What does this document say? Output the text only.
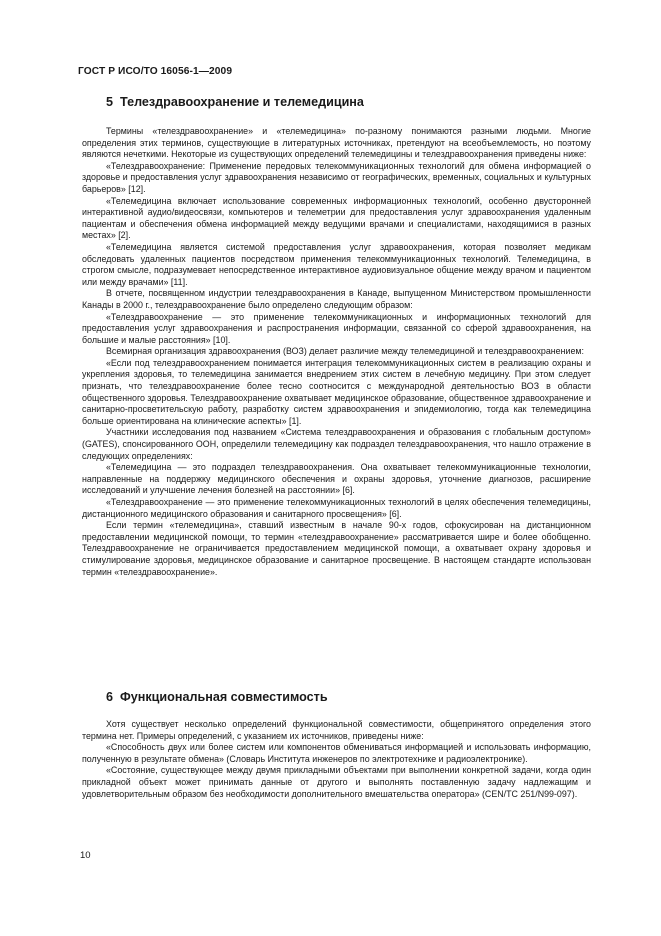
ГОСТ Р ИСО/ТО 16056-1—2009
5 Телездравоохранение и телемедицина

Термины «телездравоохранение» и «телемедицина» по-разному понимаются разными людьми. Многие определения этих терминов, существующие в литературных источниках, претендуют на всеобъемлемость, но поэтому являются нечеткими. Некоторые из существующих определений телемедицины и телездравоохранения приведены ниже:

«Телездравоохранение: Применение передовых телекоммуникационных технологий для обмена информацией о здоровье и предоставления услуг здравоохранения независимо от географических, временных, социальных и культурных барьеров» [12].

«Телемедицина включает использование современных информационных технологий, особенно двусторонней интерактивной аудио/видеосвязи, компьютеров и телеметрии для предоставления услуг здравоохранения удаленным пациентам и обеспечения обмена информацией между ведущими врачами и специалистами, находящимися в разных местах» [2].

«Телемедицина является системой предоставления услуг здравоохранения, которая позволяет медикам обследовать удаленных пациентов посредством применения телекоммуникационных технологий. Телемедицина, в строгом смысле, подразумевает непосредственное интерактивное аудиовизуальное общение между врачом и пациентом или между врачами» [11].

В отчете, посвященном индустрии телездравоохранения в Канаде, выпущенном Министерством промышленности Канады в 2000 г., телездравоохранение было определено следующим образом:

«Телездравоохранение — это применение телекоммуникационных и информационных технологий для предоставления услуг здравоохранения и распространения информации, связанной со сферой здравоохранения, на большие и малые расстояния» [10].

Всемирная организация здравоохранения (ВОЗ) делает различие между телемедициной и телездравоохранением:

«Если под телездравоохранением понимается интеграция телекоммуникационных систем в реализацию охраны и укрепления здоровья, то телемедицина занимается внедрением этих систем в лечебную медицину. При этом следует признать, что телездравоохранение более тесно соотносится с международной деятельностью ВОЗ в области общественного здоровья. Телездравоохранение охватывает медицинское образование, общественное здравоохранение и санитарно-просветительскую работу, разработку систем здравоохранения и эпидемиологию, тогда как телемедицина больше ориентирована на клинические аспекты» [1].

Участники исследования под названием «Система телездравоохранения и образования с глобальным доступом» (GATES), спонсированного ООН, определили телемедицину как подраздел телездравоохранения, что нашло отражение в следующих определениях:

«Телемедицина — это подраздел телездравоохранения. Она охватывает телекоммуникационные технологии, направленные на поддержку медицинского обеспечения и охраны здоровья, уточнение диагнозов, расширение исследований и улучшение лечения болезней на расстоянии» [6].

«Телездравоохранение — это применение телекоммуникационных технологий в целях обеспечения телемедицины, дистанционного медицинского образования и санитарного просвещения» [6].

Если термин «телемедицина», ставший известным в начале 90-х годов, сфокусирован на дистанционном предоставлении медицинской помощи, то термин «телездравоохранение» рассматривается шире и более обобщенно. Телездравоохранение не ограничивается предоставлением медицинской помощи, а охватывает охрану здоровья и стимулирование здоровья, медицинское образование и санитарное просвещение. В настоящем стандарте использован термин «телездравоохранение».

6 Функциональная совместимость

Хотя существует несколько определений функциональной совместимости, общепринятого определения этого термина нет. Примеры определений, с указанием их источников, приведены ниже:

«Способность двух или более систем или компонентов обмениваться информацией и использовать информацию, полученную в результате обмена» (Словарь Института инженеров по электротехнике и радиоэлектронике).

«Состояние, существующее между двумя прикладными объектами при выполнении конкретной задачи, когда один прикладной объект может принимать данные от другого и выполнять поставленную задачу надлежащим и удовлетворительным образом без необходимости дополнительного вмешательства оператора» (CEN/TC 251/N99-097).

10
